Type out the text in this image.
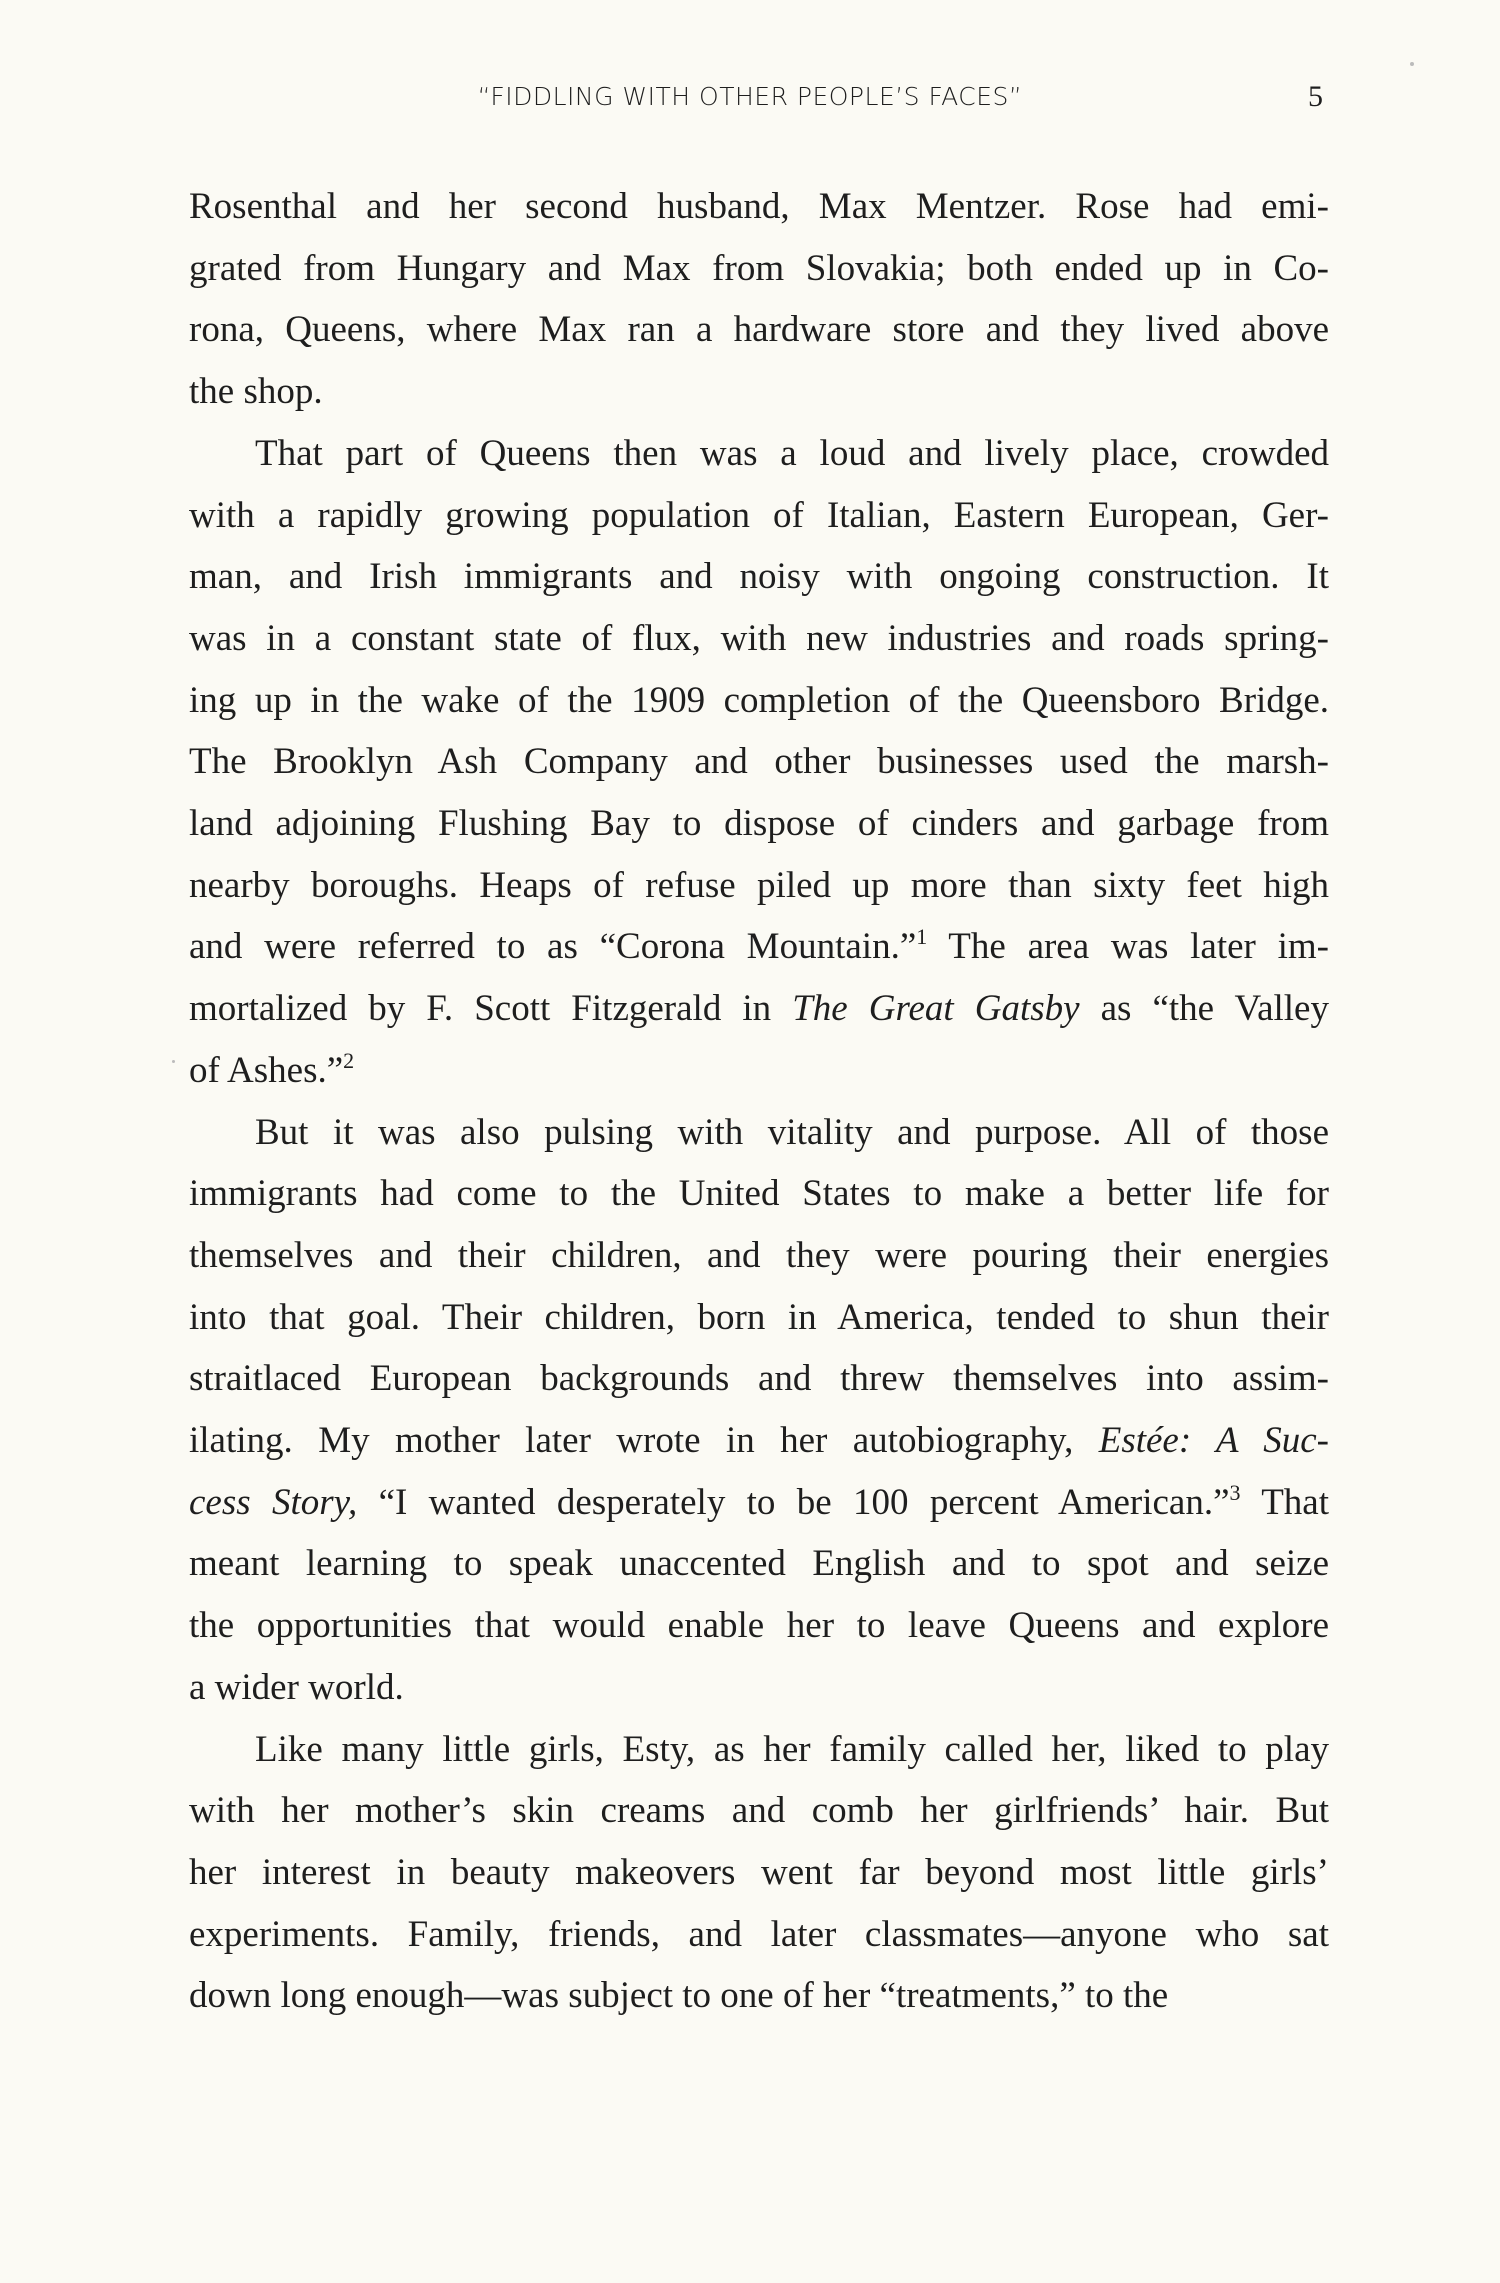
“FIDDLING WITH OTHER PEOPLE’S FACES”	5
Rosenthal and her second husband, Max Mentzer. Rose had emi-
grated from Hungary and Max from Slovakia; both ended up in Co-
rona, Queens, where Max ran a hardware store and they lived above
the shop.
That part of Queens then was a loud and lively place, crowded
with a rapidly growing population of Italian, Eastern European, Ger-
man, and Irish immigrants and noisy with ongoing construction. It
was in a constant state of flux, with new industries and roads spring-
ing up in the wake of the 1909 completion of the Queensboro Bridge.
The Brooklyn Ash Company and other businesses used the marsh-
land adjoining Flushing Bay to dispose of cinders and garbage from
nearby boroughs. Heaps of refuse piled up more than sixty feet high
and were referred to as “Corona Mountain.”$^1$ The area was later im-
mortalized by F. Scott Fitzgerald in The Great Gatsby as “the Valley
of Ashes.”$^2$
But it was also pulsing with vitality and purpose. All of those
immigrants had come to the United States to make a better life for
themselves and their children, and they were pouring their energies
into that goal. Their children, born in America, tended to shun their
straitlaced European backgrounds and threw themselves into assim-
ilating. My mother later wrote in her autobiography, Estée: A Suc-
cess Story, “I wanted desperately to be 100 percent American.”$^3$ That
meant learning to speak unaccented English and to spot and seize
the opportunities that would enable her to leave Queens and explore
a wider world.
Like many little girls, Esty, as her family called her, liked to play
with her mother’s skin creams and comb her girlfriends’ hair. But
her interest in beauty makeovers went far beyond most little girls’
experiments. Family, friends, and later classmates—anyone who sat
down long enough—was subject to one of her “treatments,” to the
